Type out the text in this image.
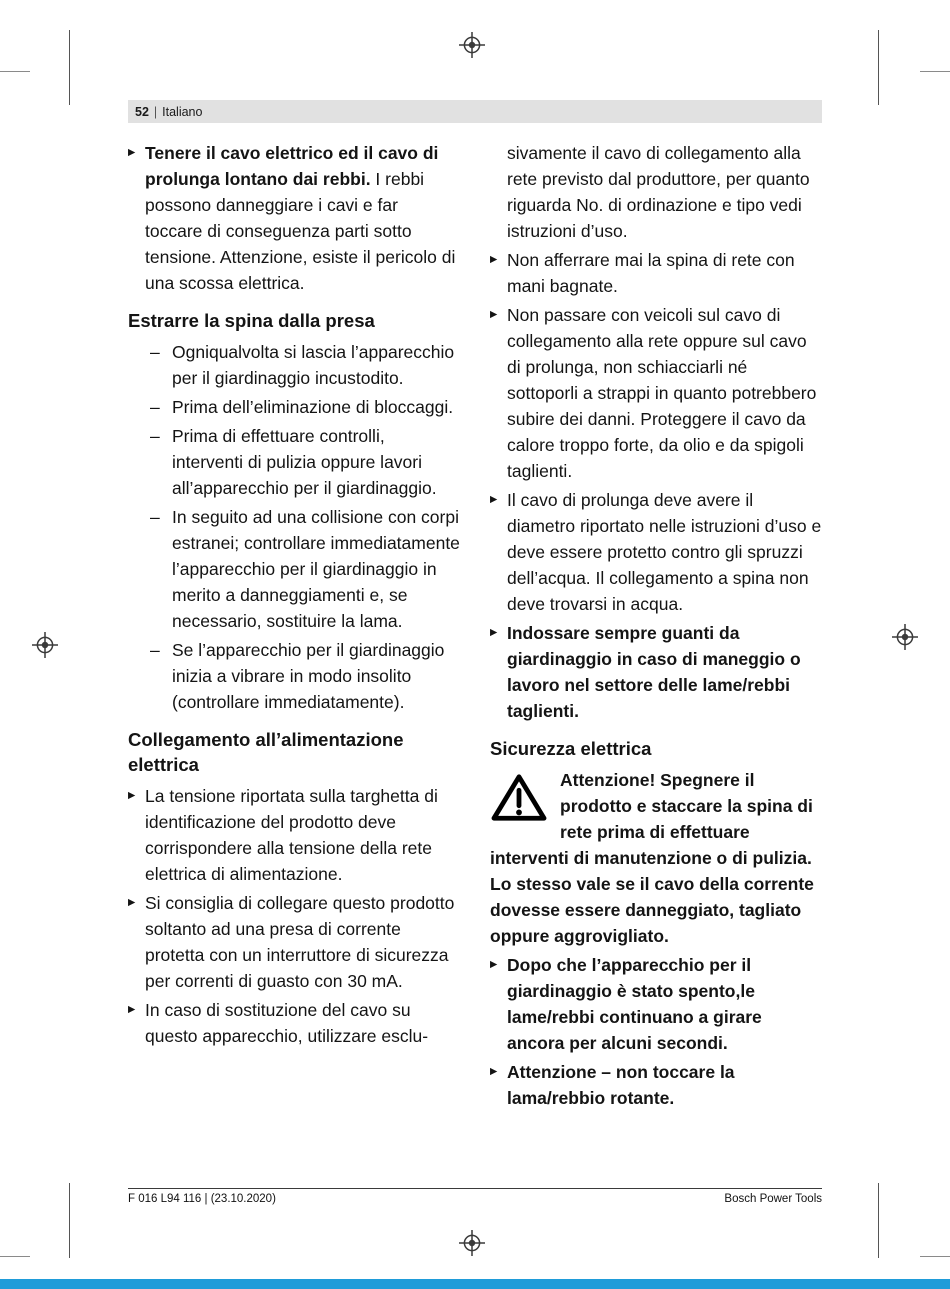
52 | Italiano

▶ Tenere il cavo elettrico ed il cavo di prolunga lontano dai rebbi. I rebbi possono danneggiare i cavi e far toccare di conseguenza parti sotto tensione. Attenzione, esiste il pericolo di una scossa elettrica.

Estrarre la spina dalla presa

– Ogniqualvolta si lascia l’apparecchio per il giardinaggio incustodito.

– Prima dell’eliminazione di bloccaggi.

– Prima di effettuare controlli, interventi di pulizia oppure lavori all’apparecchio per il giardinaggio.

– In seguito ad una collisione con corpi estranei; controllare immediatamente l’apparecchio per il giardinaggio in merito a danneggiamenti e, se necessario, sostituire la lama.

– Se l’apparecchio per il giardinaggio inizia a vibrare in modo insolito (controllare immediatamente).

Collegamento all’alimentazione elettrica

▶ La tensione riportata sulla targhetta di identificazione del prodotto deve corrispondere alla tensione della rete elettrica di alimentazione.

▶ Si consiglia di collegare questo prodotto soltanto ad una presa di corrente protetta con un interruttore di sicurezza per correnti di guasto con 30 mA.

▶ In caso di sostituzione del cavo su questo apparecchio, utilizzare esclu-

sivamente il cavo di collegamento alla rete previsto dal produttore, per quanto riguarda No. di ordinazione e tipo vedi istruzioni d’uso.

▶ Non afferrare mai la spina di rete con mani bagnate.

▶ Non passare con veicoli sul cavo di collegamento alla rete oppure sul cavo di prolunga, non schiacciarli né sottoporli a strappi in quanto potrebbero subire dei danni. Proteggere il cavo da calore troppo forte, da olio e da spigoli taglienti.

▶ Il cavo di prolunga deve avere il diametro riportato nelle istruzioni d’uso e deve essere protetto contro gli spruzzi dell’acqua. Il collegamento a spina non deve trovarsi in acqua.

▶ Indossare sempre guanti da giardinaggio in caso di maneggio o lavoro nel settore delle lame/rebbi taglienti.

Sicurezza elettrica

Attenzione! Spegnere il prodotto e staccare la spina di rete prima di effettuare interventi di manutenzione o di pulizia. Lo stesso vale se il cavo della corrente dovesse essere danneggiato, tagliato oppure aggrovigliato.

▶ Dopo che l’apparecchio per il giardinaggio è stato spento,le lame/rebbi continuano a girare ancora per alcuni secondi.

▶ Attenzione – non toccare la lama/rebbio rotante.

F 016 L94 116 | (23.10.2020)	Bosch Power Tools
